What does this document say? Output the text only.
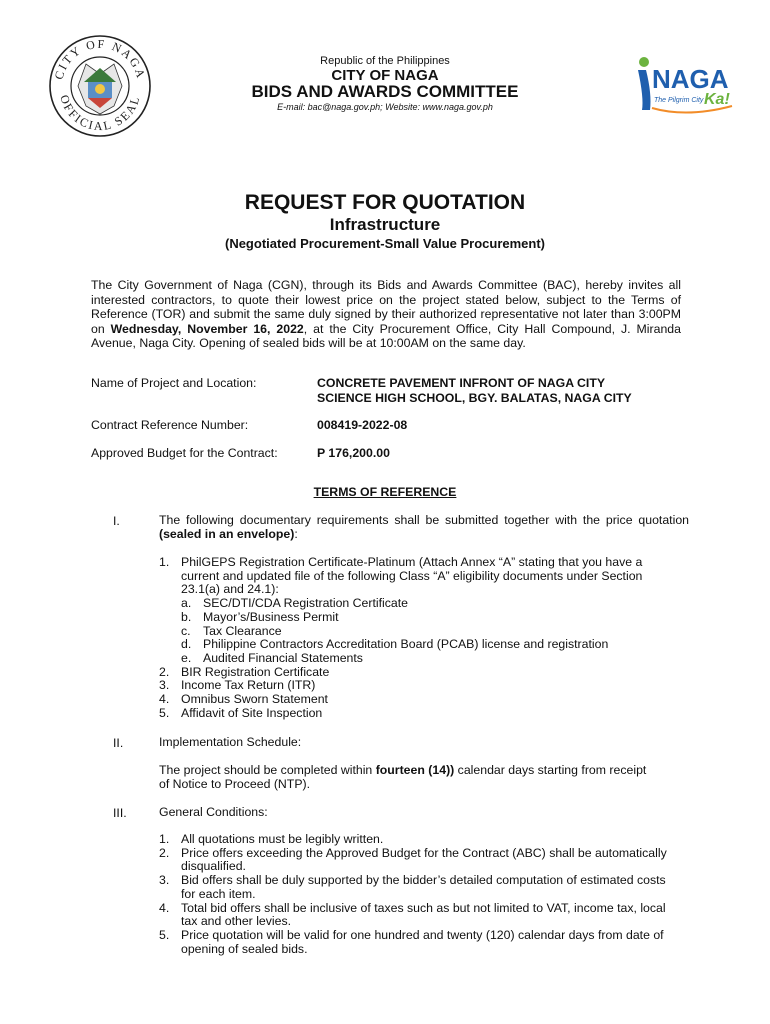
CITY OF NAGA
OFFICIAL SEAL
Republic of the Philippines
CITY OF NAGA
BIDS AND AWARDS COMMITTEE
E-mail: bac@naga.gov.ph; Website: www.naga.gov.ph
NAGA
The Pilgrim City Ka!
REQUEST FOR QUOTATION
Infrastructure
(Negotiated Procurement-Small Value Procurement)
The City Government of Naga (CGN), through its Bids and Awards Committee (BAC), hereby invites all interested contractors, to quote their lowest price on the project stated below, subject to the Terms of Reference (TOR) and submit the same duly signed by their authorized representative not later than 3:00PM on Wednesday, November 16, 2022, at the City Procurement Office, City Hall Compound, J. Miranda Avenue, Naga City. Opening of sealed bids will be at 10:00AM on the same day.
Name of Project and Location:	CONCRETE PAVEMENT INFRONT OF NAGA CITY
SCIENCE HIGH SCHOOL, BGY. BALATAS, NAGA CITY
Contract Reference Number:	008419-2022-08
Approved Budget for the Contract:	P 176,200.00
TERMS OF REFERENCE
I.	The following documentary requirements shall be submitted together with the price quotation (sealed in an envelope):
1. PhilGEPS Registration Certificate-Platinum (Attach Annex “A” stating that you have a current and updated file of the following Class “A” eligibility documents under Section 23.1(a) and 24.1):
a. SEC/DTI/CDA Registration Certificate
b. Mayor’s/Business Permit
c. Tax Clearance
d. Philippine Contractors Accreditation Board (PCAB) license and registration
e. Audited Financial Statements
2. BIR Registration Certificate
3. Income Tax Return (ITR)
4. Omnibus Sworn Statement
5. Affidavit of Site Inspection
II.	Implementation Schedule:
The project should be completed within fourteen (14)) calendar days starting from receipt of Notice to Proceed (NTP).
III.	General Conditions:
1. All quotations must be legibly written.
2. Price offers exceeding the Approved Budget for the Contract (ABC) shall be automatically disqualified.
3. Bid offers shall be duly supported by the bidder’s detailed computation of estimated costs for each item.
4. Total bid offers shall be inclusive of taxes such as but not limited to VAT, income tax, local tax and other levies.
5. Price quotation will be valid for one hundred and twenty (120) calendar days from date of opening of sealed bids.
